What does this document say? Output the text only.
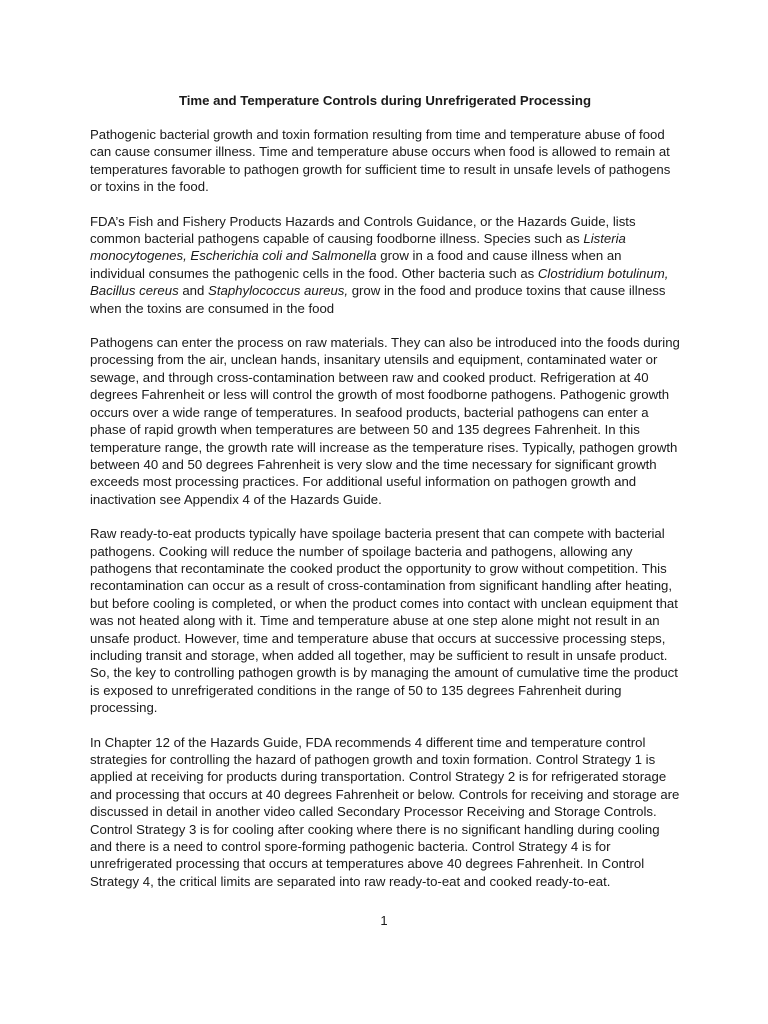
Time and Temperature Controls during Unrefrigerated Processing

Pathogenic bacterial growth and toxin formation resulting from time and temperature abuse of food can cause consumer illness. Time and temperature abuse occurs when food is allowed to remain at temperatures favorable to pathogen growth for sufficient time to result in unsafe levels of pathogens or toxins in the food.

FDA’s Fish and Fishery Products Hazards and Controls Guidance, or the Hazards Guide, lists common bacterial pathogens capable of causing foodborne illness. Species such as Listeria monocytogenes, Escherichia coli and Salmonella grow in a food and cause illness when an individual consumes the pathogenic cells in the food. Other bacteria such as Clostridium botulinum, Bacillus cereus and Staphylococcus aureus, grow in the food and produce toxins that cause illness when the toxins are consumed in the food

Pathogens can enter the process on raw materials. They can also be introduced into the foods during processing from the air, unclean hands, insanitary utensils and equipment, contaminated water or sewage, and through cross-contamination between raw and cooked product. Refrigeration at 40 degrees Fahrenheit or less will control the growth of most foodborne pathogens. Pathogenic growth occurs over a wide range of temperatures. In seafood products, bacterial pathogens can enter a phase of rapid growth when temperatures are between 50 and 135 degrees Fahrenheit. In this temperature range, the growth rate will increase as the temperature rises. Typically, pathogen growth between 40 and 50 degrees Fahrenheit is very slow and the time necessary for significant growth exceeds most processing practices. For additional useful information on pathogen growth and inactivation see Appendix 4 of the Hazards Guide.

Raw ready-to-eat products typically have spoilage bacteria present that can compete with bacterial pathogens. Cooking will reduce the number of spoilage bacteria and pathogens, allowing any pathogens that recontaminate the cooked product the opportunity to grow without competition. This recontamination can occur as a result of cross-contamination from significant handling after heating, but before cooling is completed, or when the product comes into contact with unclean equipment that was not heated along with it. Time and temperature abuse at one step alone might not result in an unsafe product. However, time and temperature abuse that occurs at successive processing steps, including transit and storage, when added all together, may be sufficient to result in unsafe product. So, the key to controlling pathogen growth is by managing the amount of cumulative time the product is exposed to unrefrigerated conditions in the range of 50 to 135 degrees Fahrenheit during processing.

In Chapter 12 of the Hazards Guide, FDA recommends 4 different time and temperature control strategies for controlling the hazard of pathogen growth and toxin formation. Control Strategy 1 is applied at receiving for products during transportation. Control Strategy 2 is for refrigerated storage and processing that occurs at 40 degrees Fahrenheit or below. Controls for receiving and storage are discussed in detail in another video called Secondary Processor Receiving and Storage Controls. Control Strategy 3 is for cooling after cooking where there is no significant handling during cooling and there is a need to control spore-forming pathogenic bacteria. Control Strategy 4 is for unrefrigerated processing that occurs at temperatures above 40 degrees Fahrenheit. In Control Strategy 4, the critical limits are separated into raw ready-to-eat and cooked ready-to-eat.

1
